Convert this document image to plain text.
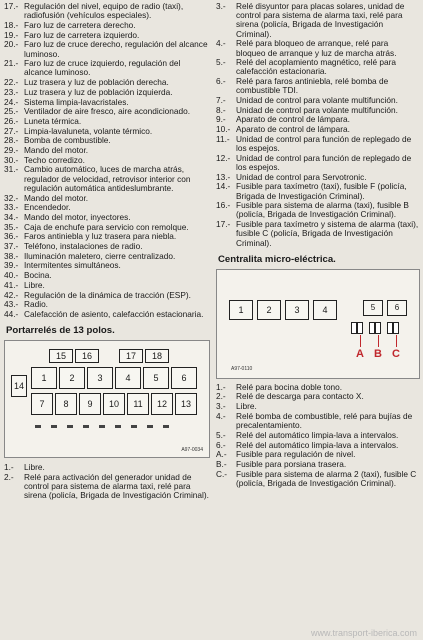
17.- Regulación del nivel, equipo de radio (taxi), radiofusión (vehículos especiales).
18.- Faro luz de carretera derecho.
19.- Faro luz de carretera izquierdo.
20.- Faro luz de cruce derecho, regulación del alcance luminoso.
21.- Faro luz de cruce izquierdo, regulación del alcance luminoso.
22.- Luz trasera y luz de población derecha.
23.- Luz trasera y luz de población izquierda.
24.- Sistema limpia-lavacristales.
25.- Ventilador de aire fresco, aire acondicionado.
26.- Luneta térmica.
27.- Limpia-lavaluneta, volante térmico.
28.- Bomba de combustible.
29.- Mando del motor.
30.- Techo corredizo.
31.- Cambio automático, luces de marcha atrás, regulador de velocidad, retrovisor interior con regulación automática antideslumbrante.
32.- Mando del motor.
33.- Encendedor.
34.- Mando del motor, inyectores.
35.- Caja de enchufe para servicio con remolque.
36.- Faros antiniebla y luz trasera para niebla.
37.- Teléfono, instalaciones de radio.
38.- Iluminación maletero, cierre centralizado.
39.- Intermitentes simultáneos.
40.- Bocina.
41.- Libre.
42.- Regulación de la dinámica de tracción (ESP).
43.- Radio.
44.- Calefacción de asiento, calefacción estacionaria.
Portarrelés de 13 polos.
15 16	17 18
14
1	2	3	4	5	6
7 8 9 10 11 12 13
A97-0034
1.-	Libre.
2.-	Relé para activación del generador unidad de control para sistema de alarma taxi, relé para sirena (policía, Brigada de Investigación Criminal).
3.-	Relé disyuntor para placas solares, unidad de control para sistema de alarma taxi, relé para sirena (policía, Brigada de Investigación Criminal).
4.-	Relé para bloqueo de arranque, relé para bloqueo de arranque y luz de marcha atrás.
5.-	Relé del acoplamiento magnético, relé para calefacción estacionaria.
6.-	Relé para faros antiniebla, relé bomba de combustible TDI.
7.-	Unidad de control para volante multifunción.
8.-	Unidad de control para volante multifunción.
9.-	Aparato de control de lámpara.
10.- Aparato de control de lámpara.
11.- Unidad de control para función de replegado de los espejos.
12.- Unidad de control para función de replegado de los espejos.
13.- Unidad de control para Servotronic.
14.- Fusible para taxímetro (taxi), fusible F (policía, Brigada de Investigación Criminal).
16.- Fusible para sistema de alarma (taxi), fusible B (policía, Brigada de Investigación Criminal).
17.- Fusible para taxímetro y sistema de alarma (taxi), fusible C (policía, Brigada de Investigación Criminal).
Centralita micro-eléctrica.
1	2	3	4	5 6
A B C
A97-0110
1.-	Relé para bocina doble tono.
2.-	Relé de descarga para contacto X.
3.-	Libre.
4.-	Relé bomba de combustible, relé para bujías de precalentamiento.
5.-	Relé del automático limpia-lava a intervalos.
6.-	Relé del automático limpia-lava a intervalos.
A.-	Fusible para regulación de nivel.
B.-	Fusible para porsiana trasera.
C.-	Fusible para sistema de alarma 2 (taxi), fusible C (policía, Brigada de Investigación Criminal).
www.transport-iberica.com
